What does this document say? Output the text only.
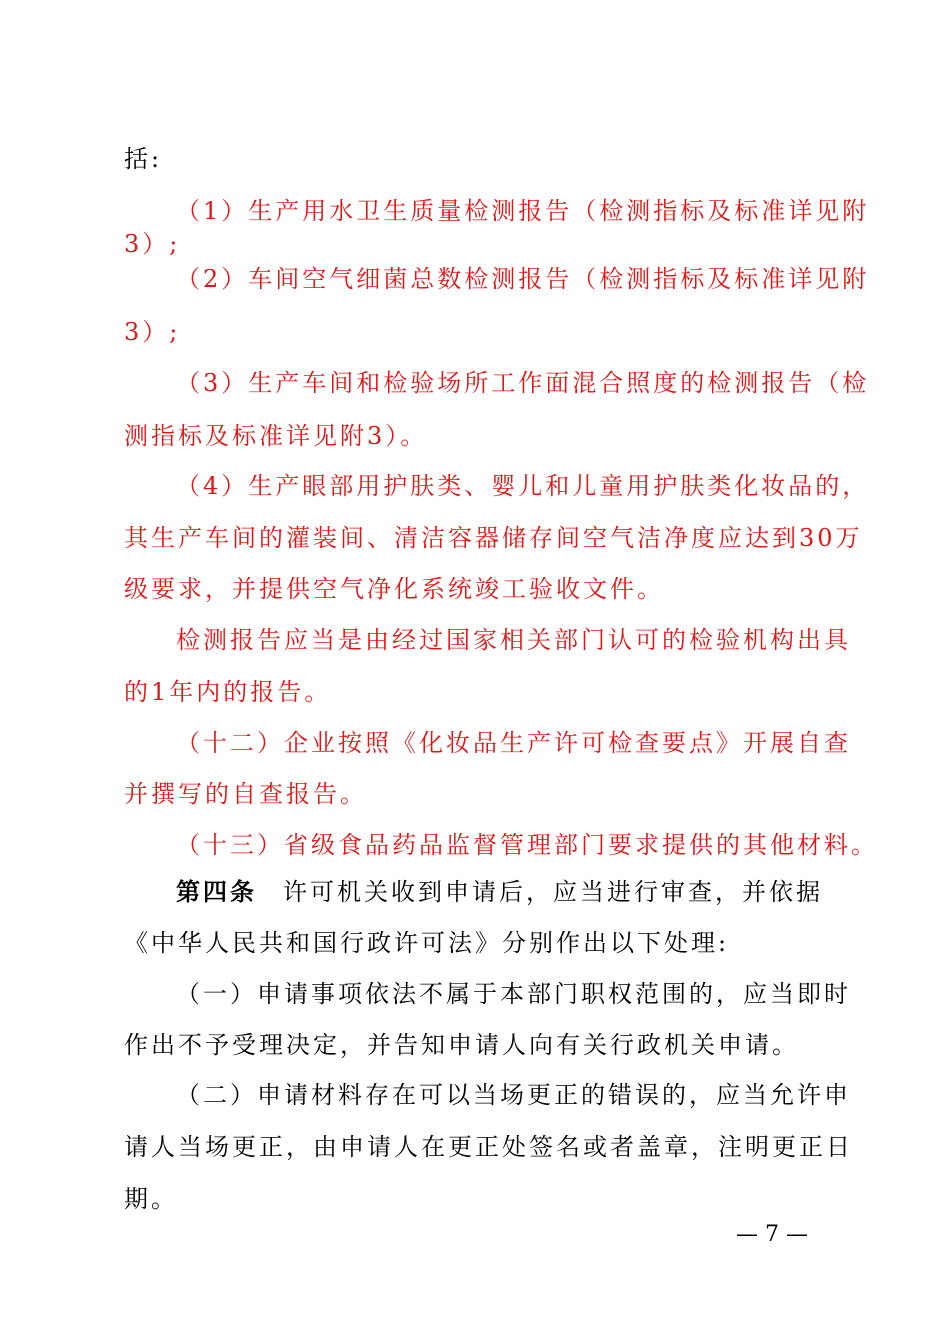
括:
（1）生产用水卫生质量检测报告（检测指标及标准详见附
3）;
（2）车间空气细菌总数检测报告（检测指标及标准详见附
3）;
（3）生产车间和检验场所工作面混合照度的检测报告（检
测指标及标准详见附3）。
（4）生产眼部用护肤类、婴儿和儿童用护肤类化妆品的，
其生产车间的灌装间、清洁容器储存间空气洁净度应达到30万
级要求，并提供空气净化系统竣工验收文件。
检测报告应当是由经过国家相关部门认可的检验机构出具
的1年内的报告。
（十二）企业按照《化妆品生产许可检查要点》开展自查
并撰写的自查报告。
（十三）省级食品药品监督管理部门要求提供的其他材料。
第四条 许可机关收到申请后，应当进行审查，并依据
《中华人民共和国行政许可法》分别作出以下处理:
（一）申请事项依法不属于本部门职权范围的，应当即时
作出不予受理决定，并告知申请人向有关行政机关申请。
（二）申请材料存在可以当场更正的错误的，应当允许申
请人当场更正，由申请人在更正处签名或者盖章，注明更正日
期。
— 7 —
